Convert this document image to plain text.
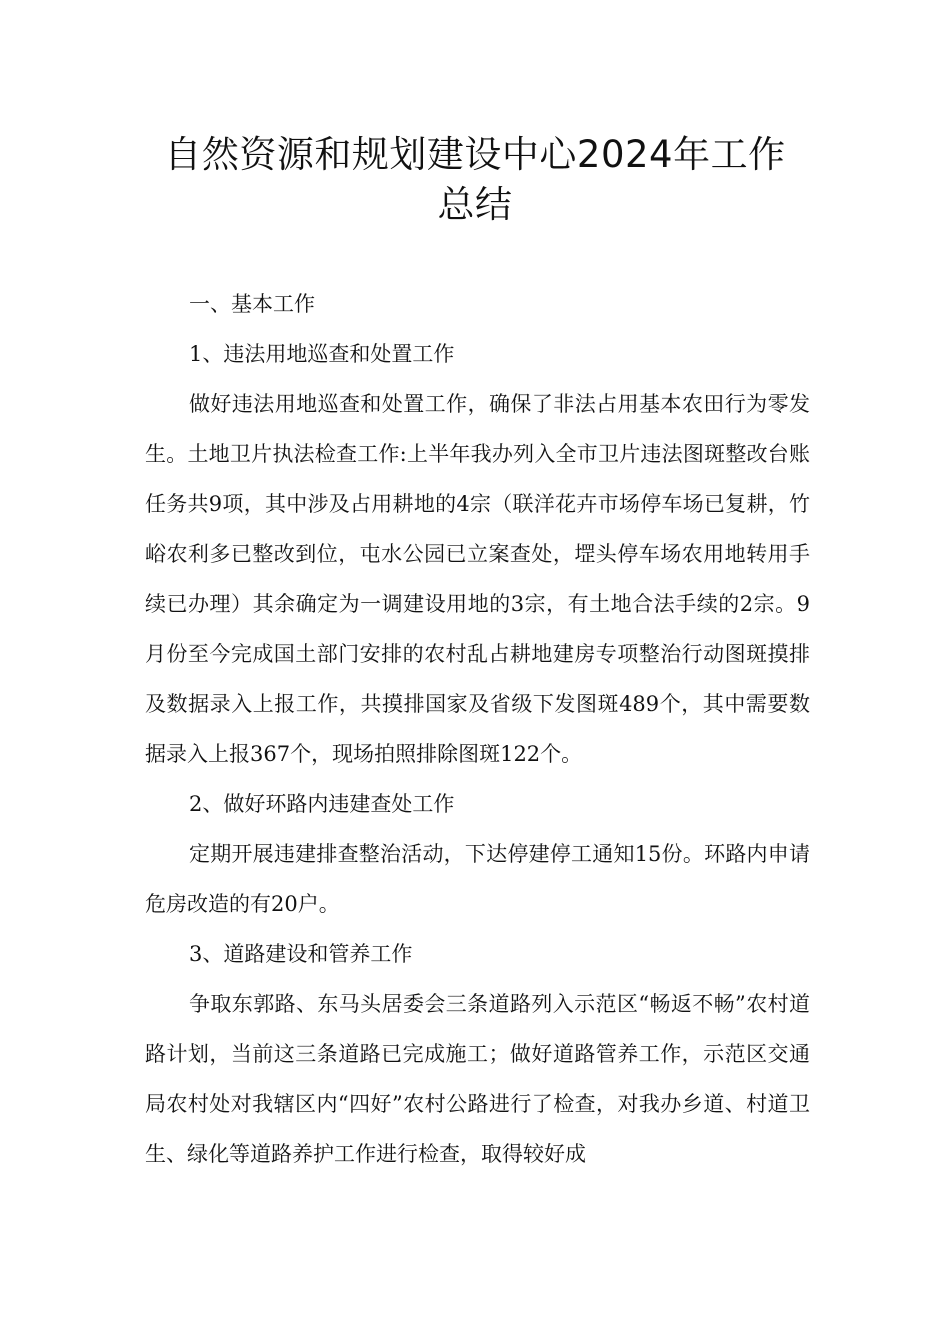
自然资源和规划建设中心2024年工作
总结

一、基本工作

1、违法用地巡查和处置工作

做好违法用地巡查和处置工作，确保了非法占用基本农田行为零发生。土地卫片执法检查工作:上半年我办列入全市卫片违法图斑整改台账任务共9项，其中涉及占用耕地的4宗（联洋花卉市场停车场已复耕，竹峪农利多已整改到位，屯水公园已立案查处，堽头停车场农用地转用手续已办理）其余确定为一调建设用地的3宗，有土地合法手续的2宗。9月份至今完成国土部门安排的农村乱占耕地建房专项整治行动图斑摸排及数据录入上报工作，共摸排国家及省级下发图斑489个，其中需要数据录入上报367个，现场拍照排除图斑122个。

2、做好环路内违建查处工作

定期开展违建排查整治活动，下达停建停工通知15份。环路内申请危房改造的有20户。

3、道路建设和管养工作

争取东郭路、东马头居委会三条道路列入示范区“畅返不畅”农村道路计划，当前这三条道路已完成施工；做好道路管养工作，示范区交通局农村处对我辖区内“四好”农村公路进行了检查，对我办乡道、村道卫生、绿化等道路养护工作进行检查，取得较好成
